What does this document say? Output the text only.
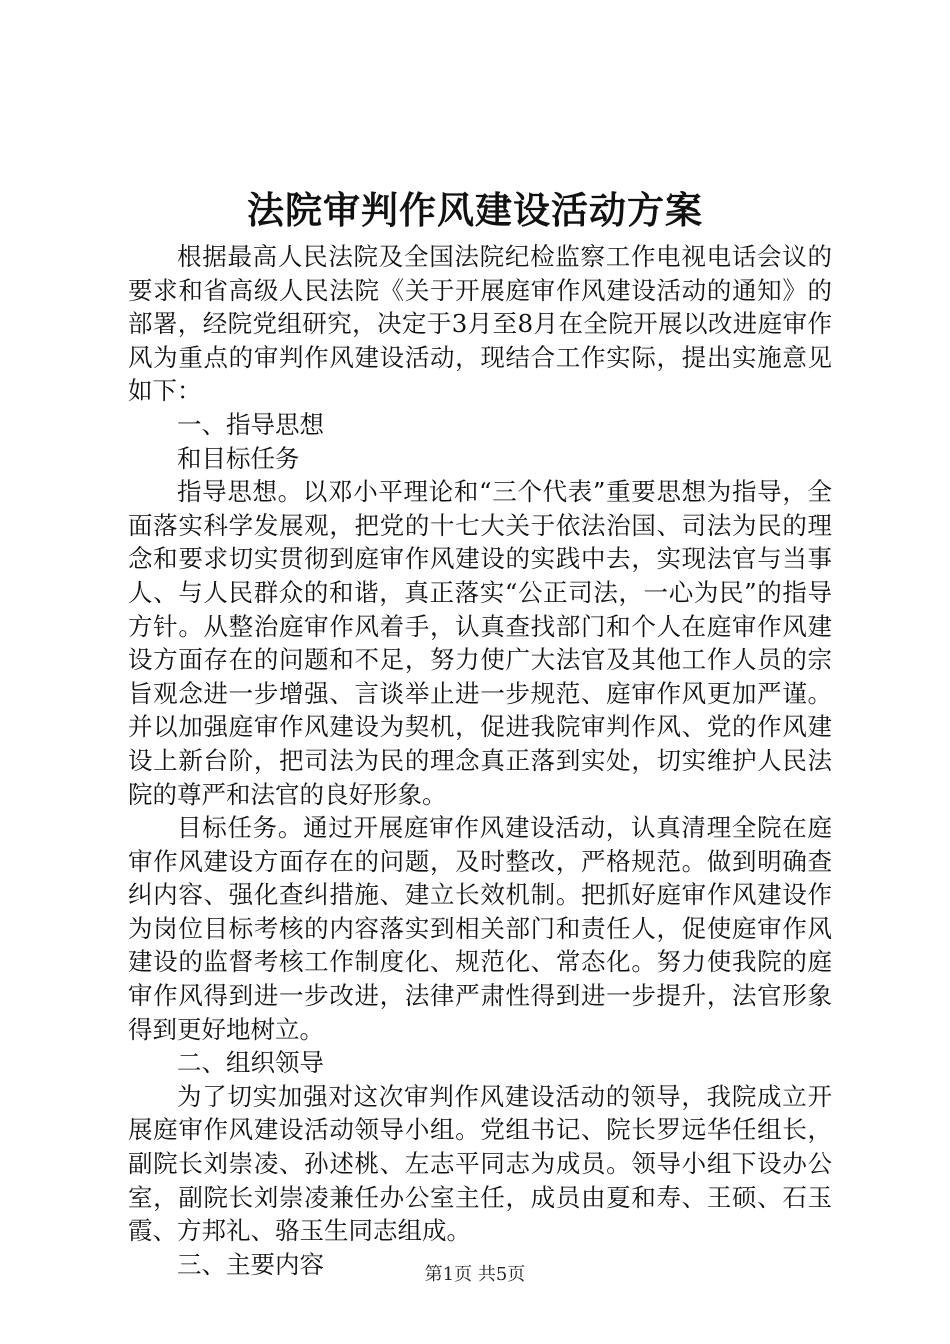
法院审判作风建设活动方案

根据最高人民法院及全国法院纪检监察工作电视电话会议的要求和省高级人民法院《关于开展庭审作风建设活动的通知》的部署，经院党组研究，决定于3月至8月在全院开展以改进庭审作风为重点的审判作风建设活动，现结合工作实际，提出实施意见如下：

一、指导思想

和目标任务

指导思想。以邓小平理论和“三个代表”重要思想为指导，全面落实科学发展观，把党的十七大关于依法治国、司法为民的理念和要求切实贯彻到庭审作风建设的实践中去，实现法官与当事人、与人民群众的和谐，真正落实“公正司法，一心为民”的指导方针。从整治庭审作风着手，认真查找部门和个人在庭审作风建设方面存在的问题和不足，努力使广大法官及其他工作人员的宗旨观念进一步增强、言谈举止进一步规范、庭审作风更加严谨。并以加强庭审作风建设为契机，促进我院审判作风、党的作风建设上新台阶，把司法为民的理念真正落到实处，切实维护人民法院的尊严和法官的良好形象。

目标任务。通过开展庭审作风建设活动，认真清理全院在庭审作风建设方面存在的问题，及时整改，严格规范。做到明确查纠内容、强化查纠措施、建立长效机制。把抓好庭审作风建设作为岗位目标考核的内容落实到相关部门和责任人，促使庭审作风建设的监督考核工作制度化、规范化、常态化。努力使我院的庭审作风得到进一步改进，法律严肃性得到进一步提升，法官形象得到更好地树立。

二、组织领导

为了切实加强对这次审判作风建设活动的领导，我院成立开展庭审作风建设活动领导小组。党组书记、院长罗远华任组长，副院长刘崇凌、孙述桃、左志平同志为成员。领导小组下设办公室，副院长刘崇凌兼任办公室主任，成员由夏和寿、王硕、石玉霞、方邦礼、骆玉生同志组成。

三、主要内容	第1页 共5页
